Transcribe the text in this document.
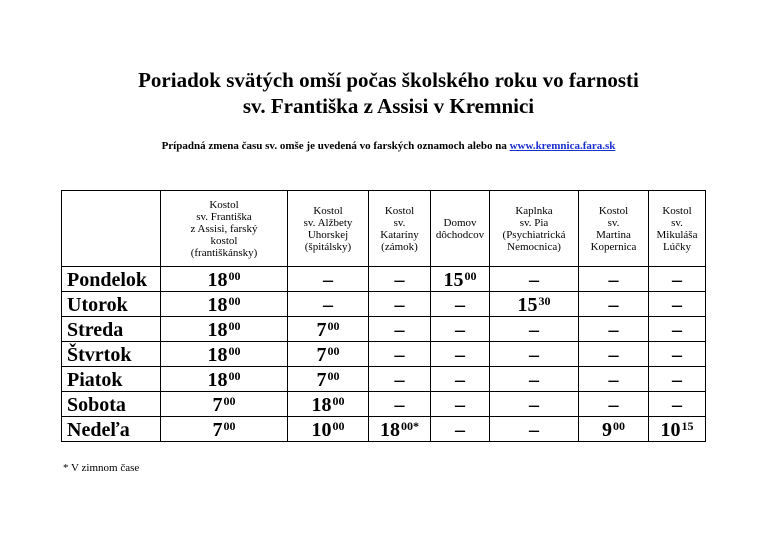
Poriadok svätých omší počas školského roku vo farnosti
sv. Františka z Assisi v Kremnici
Prípadná zmena času sv. omše je uvedená vo farských oznamoch alebo na www.kremnica.fara.sk

	Kostol
sv. Františka
z Assisi, farský
kostol
(františkánsky)	Kostol
sv. Alžbety
Uhorskej
(špitálsky)	Kostol
sv.
Kataríny
(zámok)	Domov
dôchodcov	Kaplnka
sv. Pia
(Psychiatrická
Nemocnica)	Kostol
sv.
Martina
Kopernica	Kostol
sv.
Mikuláša
Lúčky

Pondelok	$18^{00}$	–	–	$15^{00}$	–	–	–
Utorok	$18^{00}$	–	–	–	$15^{30}$	–	–
Streda	$18^{00}$	$7^{00}$	–	–	–	–	–
Štvrtok	$18^{00}$	$7^{00}$	–	–	–	–	–
Piatok	$18^{00}$	$7^{00}$	–	–	–	–	–
Sobota	$7^{00}$	$18^{00}$	–	–	–	–	–
Nedeľa	$7^{00}$	$10^{00}$	$18^{00*}$	–	–	$9^{00}$	$10^{15}$
* V zimnom čase
